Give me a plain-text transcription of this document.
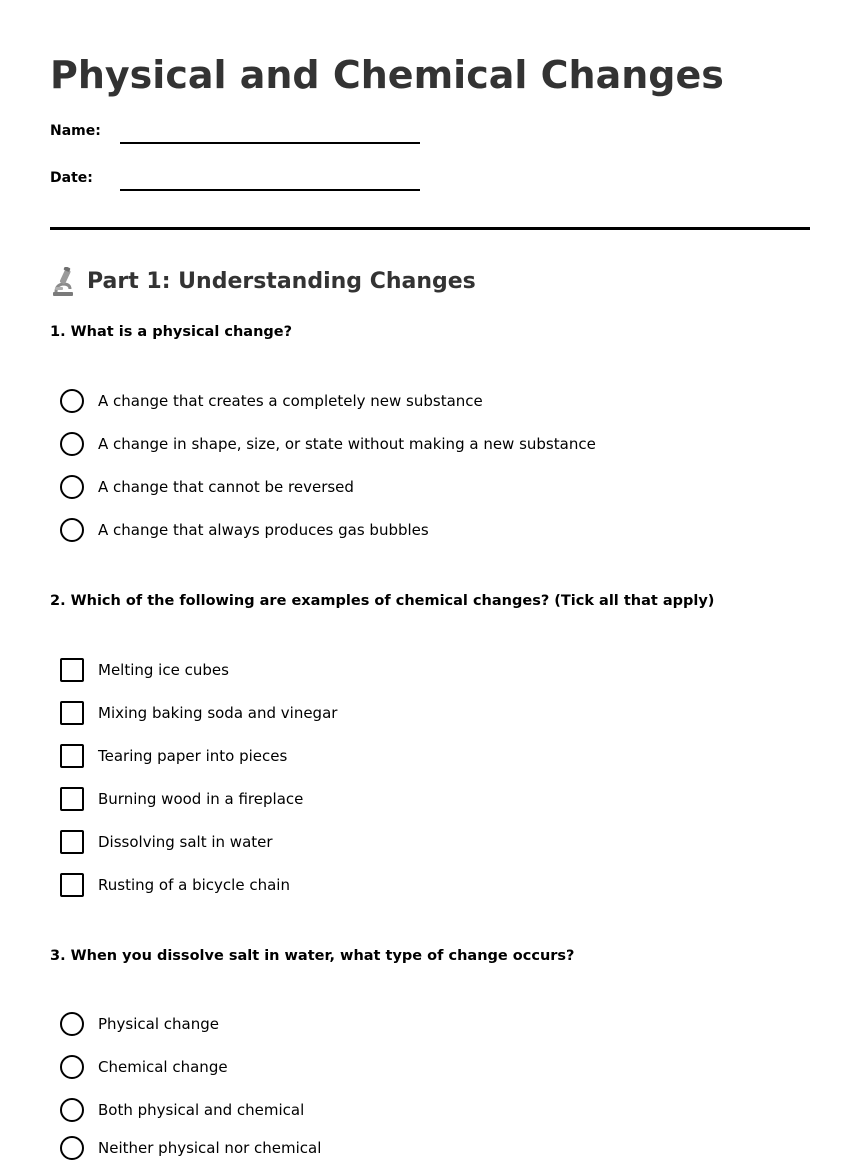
Physical and Chemical Changes
Name:
Date:
Part 1: Understanding Changes

1. What is a physical change?

A change that creates a completely new substance
A change in shape, size, or state without making a new substance
A change that cannot be reversed
A change that always produces gas bubbles

2. Which of the following are examples of chemical changes? (Tick all that apply)

Melting ice cubes
Mixing baking soda and vinegar
Tearing paper into pieces
Burning wood in a fireplace
Dissolving salt in water
Rusting of a bicycle chain

3. When you dissolve salt in water, what type of change occurs?

Physical change
Chemical change
Both physical and chemical
Neither physical nor chemical
